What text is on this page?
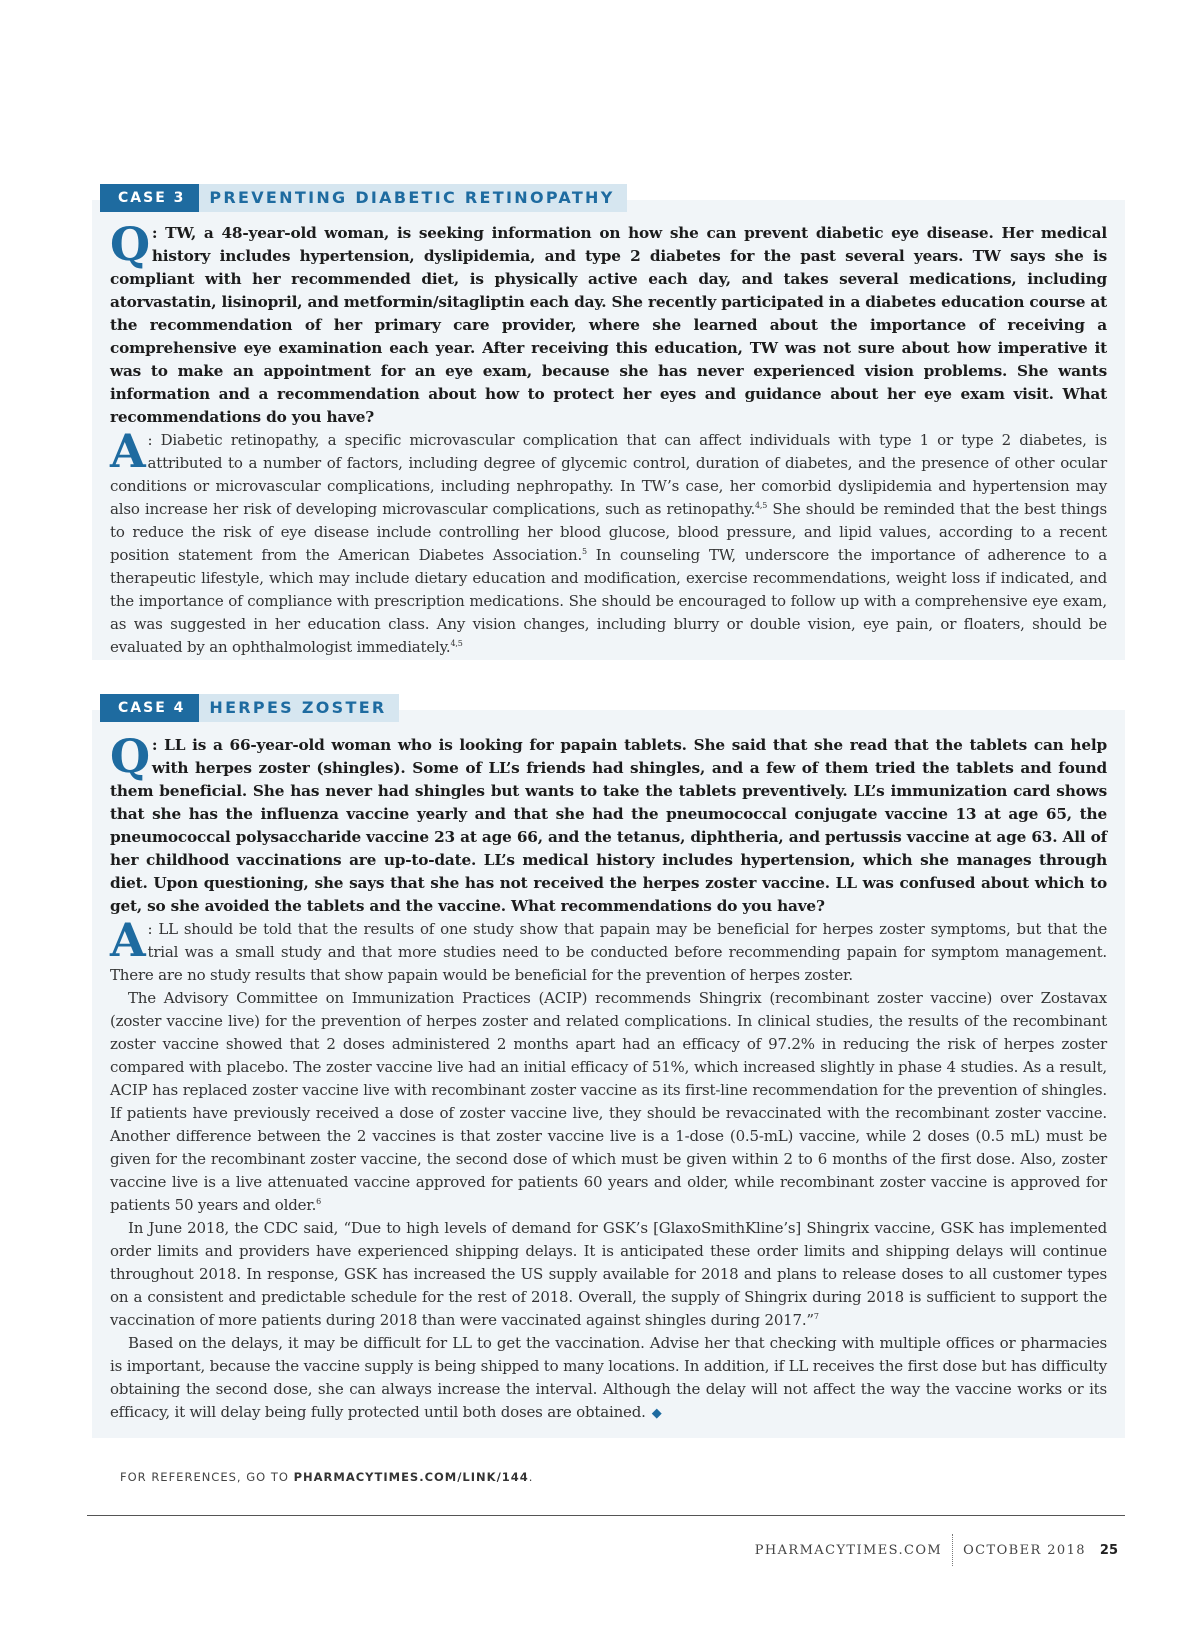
CASE 3	PREVENTING DIABETIC RETINOPATHY

Q : TW, a 48-year-old woman, is seeking information on how she can prevent diabetic eye disease. Her medical history includes hypertension, dyslipidemia, and type 2 diabetes for the past several years. TW says she is compliant with her recommended diet, is physically active each day, and takes several medications, including atorvastatin, lisinopril, and metformin/sitagliptin each day. She recently participated in a diabetes education course at the recommendation of her primary care provider, where she learned about the importance of receiving a comprehensive eye examination each year. After receiving this education, TW was not sure about how imperative it was to make an appointment for an eye exam, because she has never experienced vision problems. She wants information and a recommendation about how to protect her eyes and guidance about her eye exam visit. What recommendations do you have?

A : Diabetic retinopathy, a specific microvascular complication that can affect individuals with type 1 or type 2 diabetes, is attributed to a number of factors, including degree of glycemic control, duration of diabetes, and the presence of other ocular conditions or microvascular complications, including nephropathy. In TW’s case, her comorbid dyslipidemia and hypertension may also increase her risk of developing microvascular complications, such as retinopathy.$^{4,5}$ She should be reminded that the best things to reduce the risk of eye disease include controlling her blood glucose, blood pressure, and lipid values, according to a recent position statement from the American Diabetes Association.$^5$ In counseling TW, underscore the importance of adherence to a therapeutic lifestyle, which may include dietary education and modification, exercise recommendations, weight loss if indicated, and the importance of compliance with prescription medications. She should be encouraged to follow up with a comprehensive eye exam, as was suggested in her education class. Any vision changes, including blurry or double vision, eye pain, or floaters, should be evaluated by an ophthalmologist immediately.$^{4,5}$

CASE 4	HERPES ZOSTER

Q : LL is a 66-year-old woman who is looking for papain tablets. She said that she read that the tablets can help with herpes zoster (shingles). Some of LL’s friends had shingles, and a few of them tried the tablets and found them beneficial. She has never had shingles but wants to take the tablets preventively. LL’s immunization card shows that she has the influenza vaccine yearly and that she had the pneumococcal conjugate vaccine 13 at age 65, the pneumococcal polysaccharide vaccine 23 at age 66, and the tetanus, diphtheria, and pertussis vaccine at age 63. All of her childhood vaccinations are up-to-date. LL’s medical history includes hypertension, which she manages through diet. Upon questioning, she says that she has not received the herpes zoster vaccine. LL was confused about which to get, so she avoided the tablets and the vaccine. What recommendations do you have?

A : LL should be told that the results of one study show that papain may be beneficial for herpes zoster symptoms, but that the trial was a small study and that more studies need to be conducted before recommending papain for symptom management. There are no study results that show papain would be beneficial for the prevention of herpes zoster.

The Advisory Committee on Immunization Practices (ACIP) recommends Shingrix (recombinant zoster vaccine) over Zostavax (zoster vaccine live) for the prevention of herpes zoster and related complications. In clinical studies, the results of the recombinant zoster vaccine showed that 2 doses administered 2 months apart had an efficacy of 97.2% in reducing the risk of herpes zoster compared with placebo. The zoster vaccine live had an initial efficacy of 51%, which increased slightly in phase 4 studies. As a result, ACIP has replaced zoster vaccine live with recombinant zoster vaccine as its first-line recommendation for the prevention of shingles. If patients have previously received a dose of zoster vaccine live, they should be revaccinated with the recombinant zoster vaccine. Another difference between the 2 vaccines is that zoster vaccine live is a 1-dose (0.5-mL) vaccine, while 2 doses (0.5 mL) must be given for the recombinant zoster vaccine, the second dose of which must be given within 2 to 6 months of the first dose. Also, zoster vaccine live is a live attenuated vaccine approved for patients 60 years and older, while recombinant zoster vaccine is approved for patients 50 years and older.$^6$

In June 2018, the CDC said, “Due to high levels of demand for GSK’s [GlaxoSmithKline’s] Shingrix vaccine, GSK has implemented order limits and providers have experienced shipping delays. It is anticipated these order limits and shipping delays will continue throughout 2018. In response, GSK has increased the US supply available for 2018 and plans to release doses to all customer types on a consistent and predictable schedule for the rest of 2018. Overall, the supply of Shingrix during 2018 is sufficient to support the vaccination of more patients during 2018 than were vaccinated against shingles during 2017.”$^7$

Based on the delays, it may be difficult for LL to get the vaccination. Advise her that checking with multiple offices or pharmacies is important, because the vaccine supply is being shipped to many locations. In addition, if LL receives the first dose but has difficulty obtaining the second dose, she can always increase the interval. Although the delay will not affect the way the vaccine works or its efficacy, it will delay being fully protected until both doses are obtained. ◆

FOR REFERENCES, GO TO PHARMACYTIMES.COM/LINK/144.
PHARMACYTIMES.COM OCTOBER 2018 25
